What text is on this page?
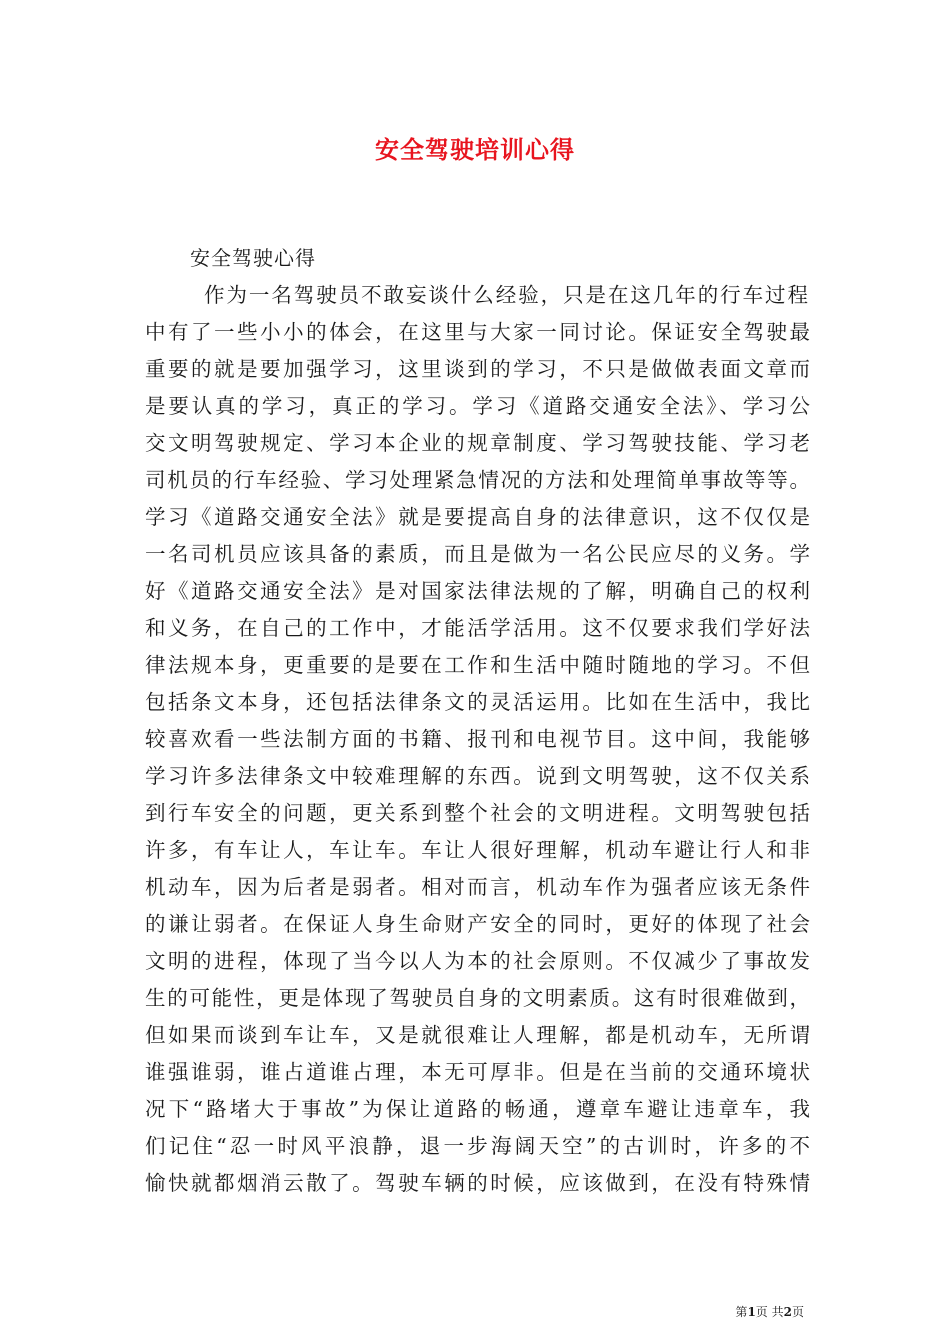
安全驾驶培训心得
安全驾驶心得
作为一名驾驶员不敢妄谈什么经验，只是在这几年的行车过程
中有了一些小小的体会，在这里与大家一同讨论。保证安全驾驶最
重要的就是要加强学习，这里谈到的学习，不只是做做表面文章而
是要认真的学习，真正的学习。学习《道路交通安全法》、学习公
交文明驾驶规定、学习本企业的规章制度、学习驾驶技能、学习老
司机员的行车经验、学习处理紧急情况的方法和处理简单事故等等。
学习《道路交通安全法》就是要提高自身的法律意识，这不仅仅是
一名司机员应该具备的素质，而且是做为一名公民应尽的义务。学
好《道路交通安全法》是对国家法律法规的了解，明确自己的权利
和义务，在自己的工作中，才能活学活用。这不仅要求我们学好法
律法规本身，更重要的是要在工作和生活中随时随地的学习。不但
包括条文本身，还包括法律条文的灵活运用。比如在生活中，我比
较喜欢看一些法制方面的书籍、报刊和电视节目。这中间，我能够
学习许多法律条文中较难理解的东西。说到文明驾驶，这不仅关系
到行车安全的问题，更关系到整个社会的文明进程。文明驾驶包括
许多，有车让人，车让车。车让人很好理解，机动车避让行人和非
机动车，因为后者是弱者。相对而言，机动车作为强者应该无条件
的谦让弱者。在保证人身生命财产安全的同时，更好的体现了社会
文明的进程，体现了当今以人为本的社会原则。不仅减少了事故发
生的可能性，更是体现了驾驶员自身的文明素质。这有时很难做到，
但如果而谈到车让车，又是就很难让人理解，都是机动车，无所谓
谁强谁弱，谁占道谁占理，本无可厚非。但是在当前的交通环境状
况下“路堵大于事故”为保让道路的畅通，遵章车避让违章车，我
们记住“忍一时风平浪静，退一步海阔天空”的古训时，许多的不
愉快就都烟消云散了。驾驶车辆的时候，应该做到，在没有特殊情
第1页 共2页
